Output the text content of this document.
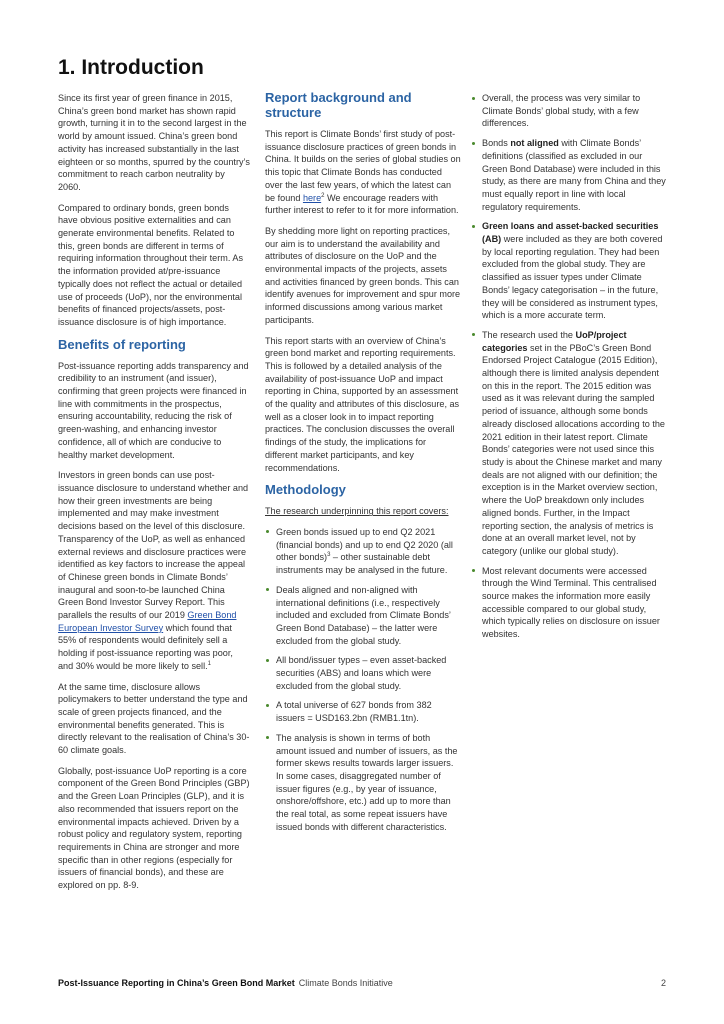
1. Introduction

Since its first year of green finance in 2015, China’s green bond market has shown rapid growth, turning it in to the second largest in the world by amount issued. China’s green bond activity has increased substantially in the last eighteen or so months, spurred by the country’s commitment to reach carbon neutrality by 2060.

Compared to ordinary bonds, green bonds have obvious positive externalities and can generate environmental benefits. Related to this, green bonds are different in terms of requiring information throughout their term. As the information provided at/pre-issuance typically does not reflect the actual or detailed use of proceeds (UoP), nor the environmental benefits of financed projects/assets, post-issuance disclosure is of high importance.

Benefits of reporting

Post-issuance reporting adds transparency and credibility to an instrument (and issuer), confirming that green projects were financed in line with commitments in the prospectus, ensuring accountability, reducing the risk of green-washing, and enhancing investor confidence, all of which are conducive to healthy market development.

Investors in green bonds can use post-issuance disclosure to understand whether and how their green investments are being implemented and may make investment decisions based on the level of this disclosure. Transparency of the UoP, as well as enhanced external reviews and disclosure practices were identified as key factors to increase the appeal of Chinese green bonds in Climate Bonds’ inaugural and soon-to-be launched China Green Bond Investor Survey Report. This parallels the results of our 2019 Green Bond European Investor Survey which found that 55% of respondents would definitely sell a holding if post-issuance reporting was poor, and 30% would be more likely to sell.$^1$

At the same time, disclosure allows policymakers to better understand the type and scale of green projects financed, and the environmental benefits generated. This is directly relevant to the realisation of China’s 30-60 climate goals.

Globally, post-issuance UoP reporting is a core component of the Green Bond Principles (GBP) and the Green Loan Principles (GLP), and it is also recommended that issuers report on the environmental impacts achieved. Driven by a robust policy and regulatory system, reporting requirements in China are stronger and more specific than in other regions (especially for issuers of financial bonds), and these are explored on pp. 8-9.

Report background and structure

This report is Climate Bonds’ first study of post-issuance disclosure practices of green bonds in China. It builds on the series of global studies on this topic that Climate Bonds has conducted over the last few years, of which the latest can be found here$^2$ We encourage readers with further interest to refer to it for more information.

By shedding more light on reporting practices, our aim is to understand the availability and attributes of disclosure on the UoP and the environmental impacts of the projects, assets and activities financed by green bonds. This can identify avenues for improvement and spur more informed discussions among various market participants.

This report starts with an overview of China’s green bond market and reporting requirements. This is followed by a detailed analysis of the availability of post-issuance UoP and impact reporting in China, supported by an assessment of the quality and attributes of this disclosure, as well as a closer look in to impact reporting practices. The conclusion discusses the overall findings of the study, the implications for different market participants, and key recommendations.

Methodology

The research underpinning this report covers:

Green bonds issued up to end Q2 2021 (financial bonds) and up to end Q2 2020 (all other bonds)$^3$ – other sustainable debt instruments may be analysed in the future.
Deals aligned and non-aligned with international definitions (i.e., respectively included and excluded from Climate Bonds’ Green Bond Database) – the latter were excluded from the global study.
All bond/issuer types – even asset-backed securities (ABS) and loans which were excluded from the global study.
A total universe of 627 bonds from 382 issuers = USD163.2bn (RMB1.1tn).
The analysis is shown in terms of both amount issued and number of issuers, as the former skews results towards larger issuers. In some cases, disaggregated number of issuer figures (e.g., by year of issuance, onshore/offshore, etc.) add up to more than the real total, as some repeat issuers have issued bonds with different characteristics.
Overall, the process was very similar to Climate Bonds’ global study, with a few differences.
Bonds not aligned with Climate Bonds’ definitions (classified as excluded in our Green Bond Database) were included in this study, as there are many from China and they must equally report in line with local regulatory requirements.
Green loans and asset-backed securities (AB) were included as they are both covered by local reporting regulation. They had been excluded from the global study. They are classified as issuer types under Climate Bonds’ legacy categorisation – in the future, they will be considered as instrument types, which is a more accurate term.
The research used the UoP/project categories set in the PBoC’s Green Bond Endorsed Project Catalogue (2015 Edition), although there is limited analysis dependent on this in the report. The 2015 edition was used as it was relevant during the sampled period of issuance, although some bonds already disclosed allocations according to the 2021 edition in their latest report. Climate Bonds’ categories were not used since this study is about the Chinese market and many deals are not aligned with our definition; the exception is in the Market overview section, where the UoP breakdown only includes aligned bonds. Further, in the Impact reporting section, the analysis of metrics is done at an overall market level, not by category (unlike our global study).
Most relevant documents were accessed through the Wind Terminal. This centralised source makes the information more easily accessible compared to our global study, which typically relies on disclosure on issuer websites.
Post-Issuance Reporting in China’s Green Bond Market Climate Bonds Initiative	2
